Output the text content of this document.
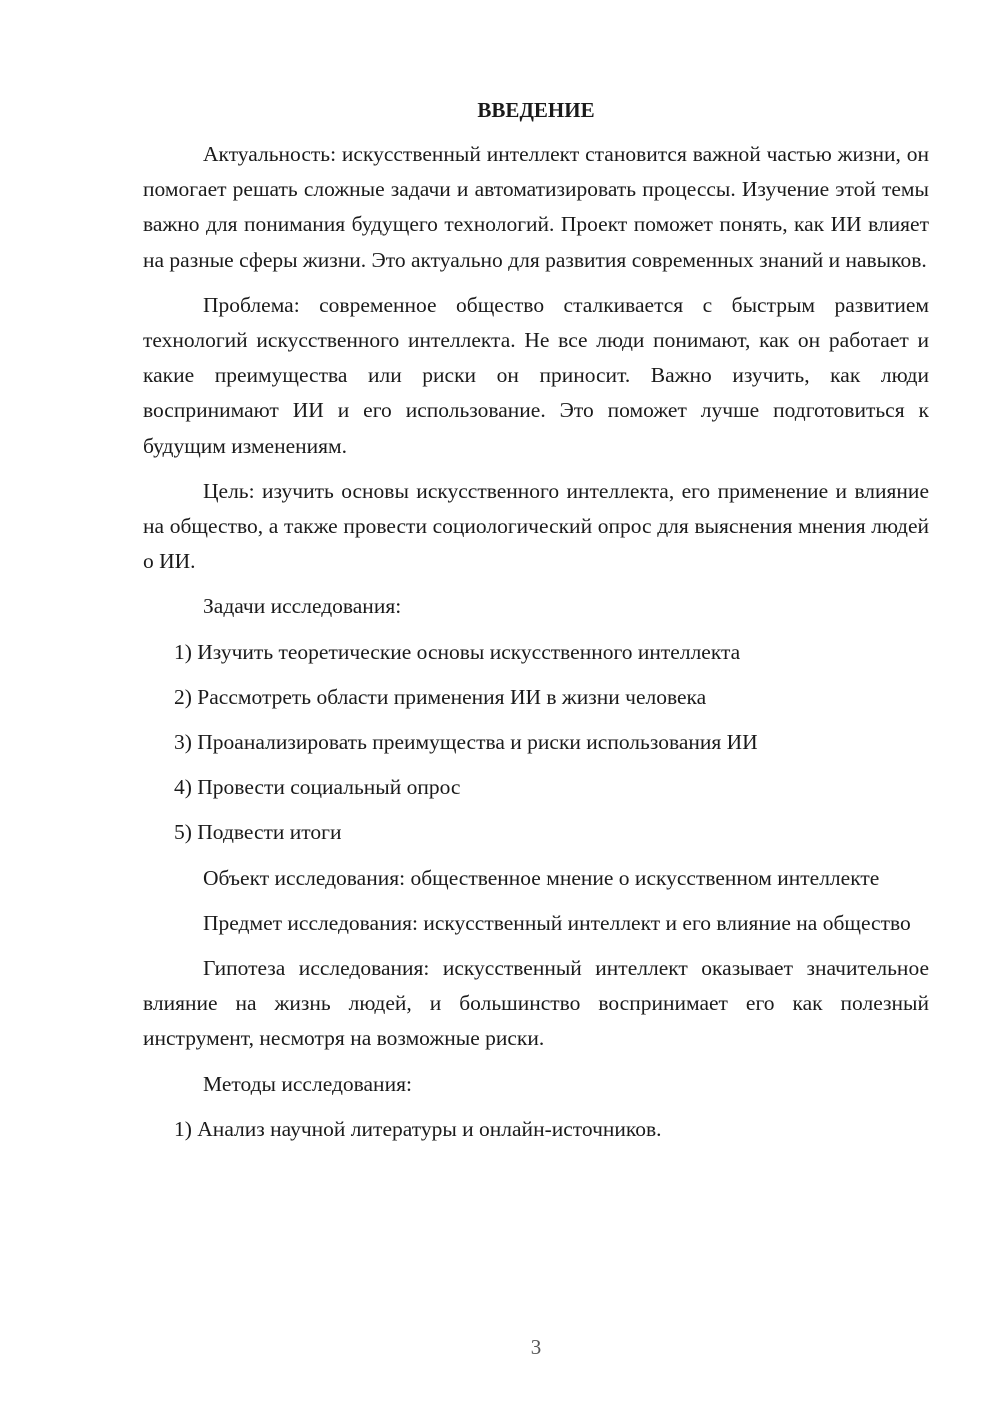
ВВЕДЕНИЕ

Актуальность: искусственный интеллект становится важной частью жизни, он помогает решать сложные задачи и автоматизировать процессы. Изучение этой темы важно для понимания будущего технологий. Проект поможет понять, как ИИ влияет на разные сферы жизни. Это актуально для развития современных знаний и навыков.

Проблема: современное общество сталкивается с быстрым развитием технологий искусственного интеллекта. Не все люди понимают, как он работает и какие преимущества или риски он приносит. Важно изучить, как люди воспринимают ИИ и его использование. Это поможет лучше подготовиться к будущим изменениям.

Цель: изучить основы искусственного интеллекта, его применение и влияние на общество, а также провести социологический опрос для выяснения мнения людей о ИИ.

Задачи исследования:
1) Изучить теоретические основы искусственного интеллекта
2) Рассмотреть области применения ИИ в жизни человека
3) Проанализировать преимущества и риски использования ИИ
4) Провести социальный опрос
5) Подвести итоги

Объект исследования: общественное мнение о искусственном интеллекте

Предмет исследования: искусственный интеллект и его влияние на общество

Гипотеза исследования: искусственный интеллект оказывает значительное влияние на жизнь людей, и большинство воспринимает его как полезный инструмент, несмотря на возможные риски.

Методы исследования:
1) Анализ научной литературы и онлайн-источников.
3
